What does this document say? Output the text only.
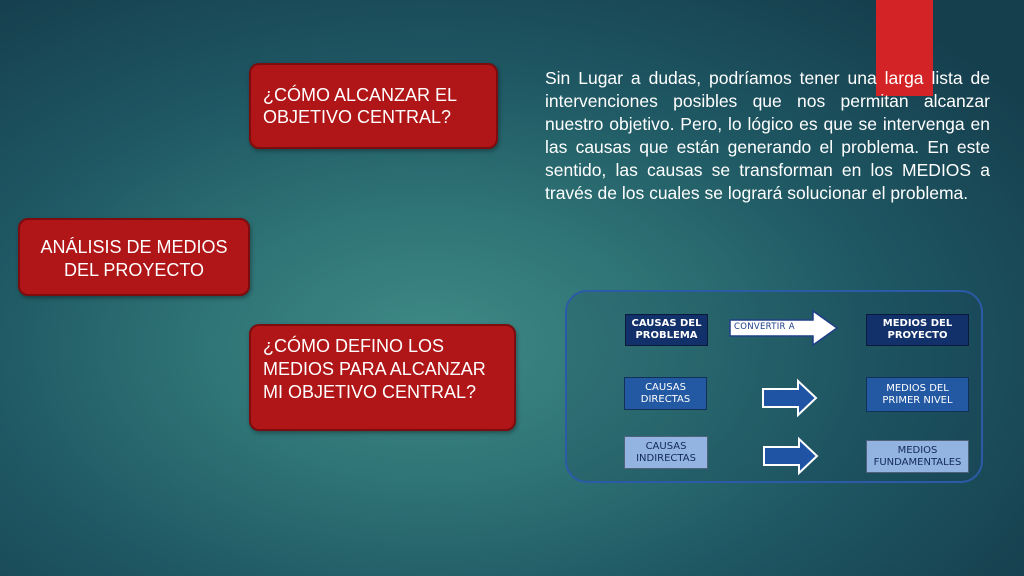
¿CÓMO ALCANZAR EL OBJETIVO CENTRAL?
ANÁLISIS DE MEDIOS DEL PROYECTO
¿CÓMO DEFINO LOS MEDIOS PARA ALCANZAR MI OBJETIVO CENTRAL?
Sin Lugar a dudas, podríamos tener una larga lista de intervenciones posibles que nos permitan alcanzar nuestro objetivo. Pero, lo lógico es que se intervenga en las causas que están generando el problema. En este sentido, las causas se transforman en los MEDIOS a través de los cuales se logrará solucionar el problema.
CAUSAS DEL PROBLEMA
CONVERTIR A	MEDIOS DEL PROYECTO
CAUSAS DIRECTAS
MEDIOS DEL PRIMER NIVEL
CAUSAS INDIRECTAS
MEDIOS FUNDAMENTALES
